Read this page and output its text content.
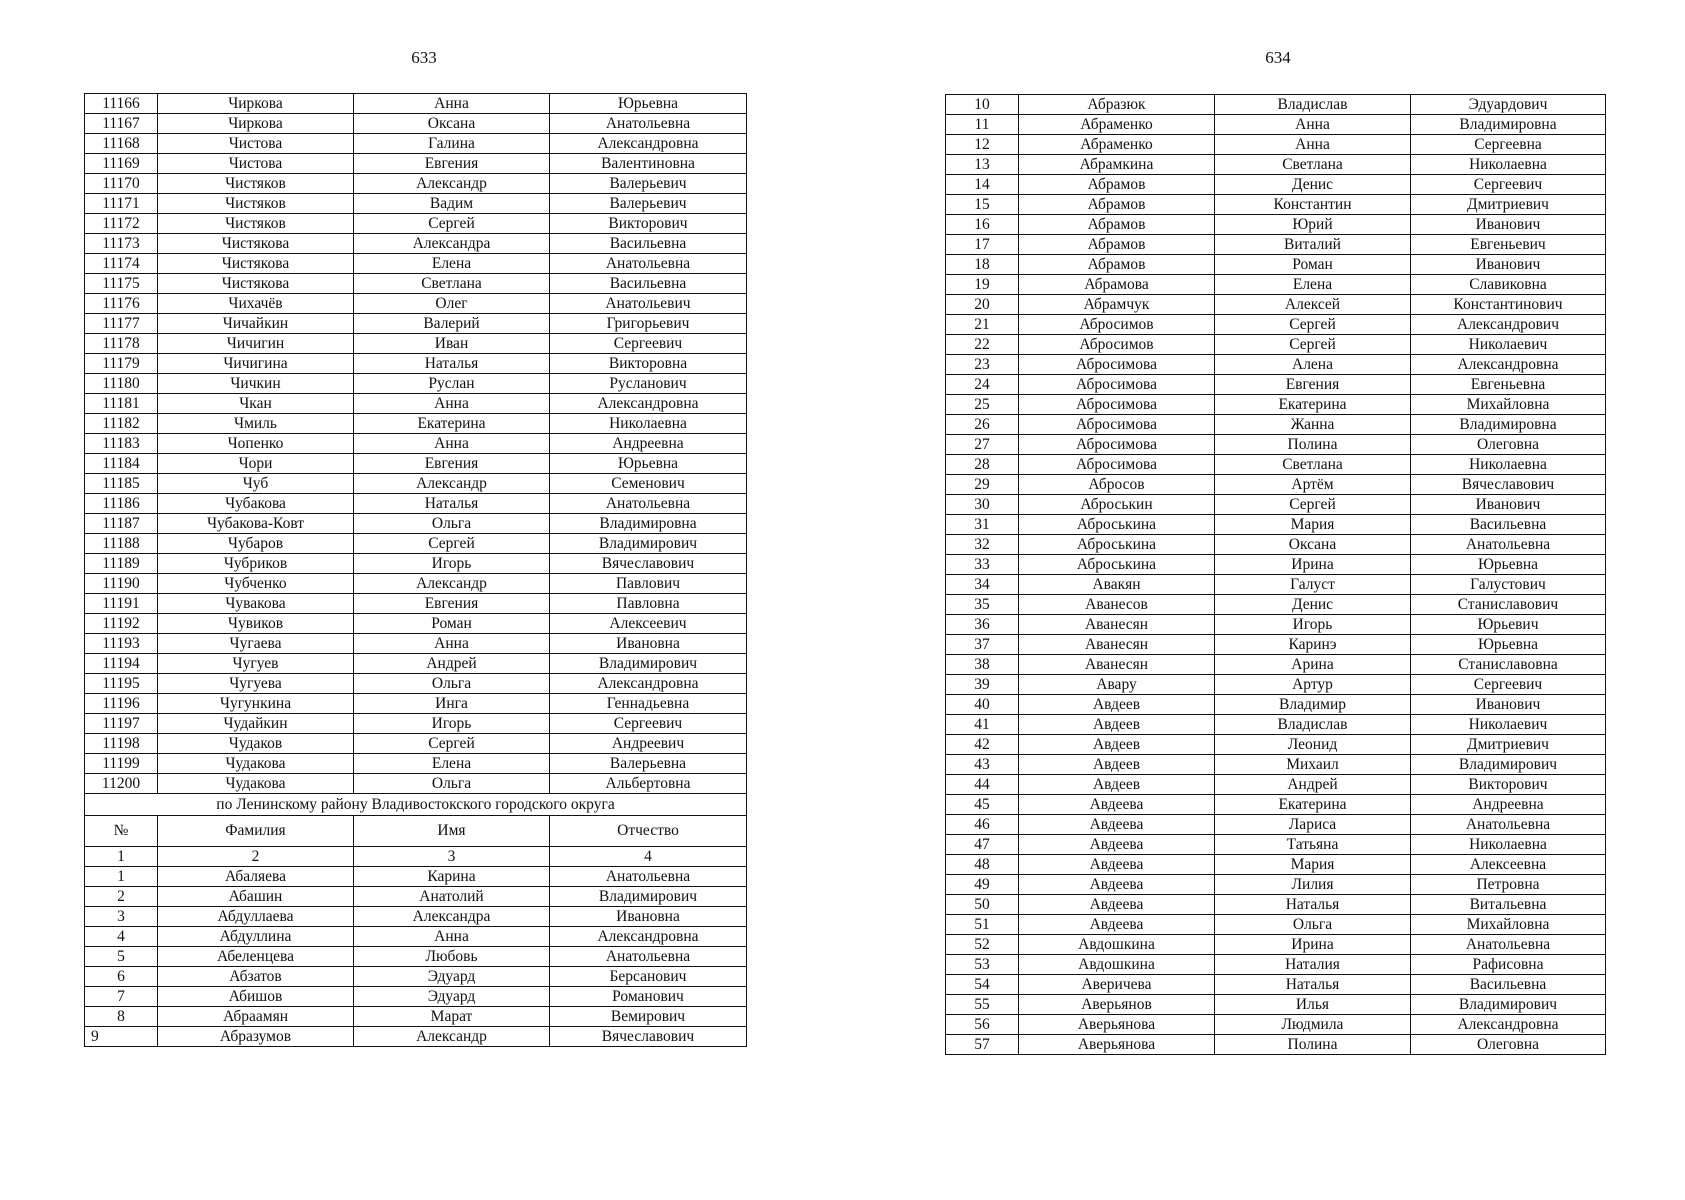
633	634
11166	Чиркова	Анна	Юрьевна
11167	Чиркова	Оксана	Анатольевна
11168	Чистова	Галина	Александровна
11169	Чистова	Евгения	Валентиновна
11170	Чистяков	Александр	Валерьевич
11171	Чистяков	Вадим	Валерьевич
11172	Чистяков	Сергей	Викторович
11173	Чистякова	Александра	Васильевна
11174	Чистякова	Елена	Анатольевна
11175	Чистякова	Светлана	Васильевна
11176	Чихачёв	Олег	Анатольевич
11177	Чичайкин	Валерий	Григорьевич
11178	Чичигин	Иван	Сергеевич
11179	Чичигина	Наталья	Викторовна
11180	Чичкин	Руслан	Русланович
11181	Чкан	Анна	Александровна
11182	Чмиль	Екатерина	Николаевна
11183	Чопенко	Анна	Андреевна
11184	Чори	Евгения	Юрьевна
11185	Чуб	Александр	Семенович
11186	Чубакова	Наталья	Анатольевна
11187	Чубакова-Ковт	Ольга	Владимировна
11188	Чубаров	Сергей	Владимирович
11189	Чубриков	Игорь	Вячеславович
11190	Чубченко	Александр	Павлович
11191	Чувакова	Евгения	Павловна
11192	Чувиков	Роман	Алексеевич
11193	Чугаева	Анна	Ивановна
11194	Чугуев	Андрей	Владимирович
11195	Чугуева	Ольга	Александровна
11196	Чугункина	Инга	Геннадьевна
11197	Чудайкин	Игорь	Сергеевич
11198	Чудаков	Сергей	Андреевич
11199	Чудакова	Елена	Валерьевна
11200	Чудакова	Ольга	Альбертовна
по Ленинскому району Владивостокского городского округа			
№	Фамилия	Имя	Отчество
1	2	3	4
1	Абаляева	Карина	Анатольевна
2	Абашин	Анатолий	Владимирович
3	Абдуллаева	Александра	Ивановна
4	Абдуллина	Анна	Александровна
5	Абеленцева	Любовь	Анатольевна
6	Абзатов	Эдуард	Берсанович
7	Абишов	Эдуард	Романович
8	Абраамян	Марат	Вемирович
9	Абразумов	Александр	Вячеславович
10	Абразюк	Владислав	Эдуардович
11	Абраменко	Анна	Владимировна
12	Абраменко	Анна	Сергеевна
13	Абрамкина	Светлана	Николаевна
14	Абрамов	Денис	Сергеевич
15	Абрамов	Константин	Дмитриевич
16	Абрамов	Юрий	Иванович
17	Абрамов	Виталий	Евгеньевич
18	Абрамов	Роман	Иванович
19	Абрамова	Елена	Славиковна
20	Абрамчук	Алексей	Константинович
21	Абросимов	Сергей	Александрович
22	Абросимов	Сергей	Николаевич
23	Абросимова	Алена	Александровна
24	Абросимова	Евгения	Евгеньевна
25	Абросимова	Екатерина	Михайловна
26	Абросимова	Жанна	Владимировна
27	Абросимова	Полина	Олеговна
28	Абросимова	Светлана	Николаевна
29	Абросов	Артём	Вячеславович
30	Аброськин	Сергей	Иванович
31	Аброськина	Мария	Васильевна
32	Аброськина	Оксана	Анатольевна
33	Аброськина	Ирина	Юрьевна
34	Авакян	Галуст	Галустович
35	Аванесов	Денис	Станиславович
36	Аванесян	Игорь	Юрьевич
37	Аванесян	Каринэ	Юрьевна
38	Аванесян	Арина	Станиславовна
39	Авару	Артур	Сергеевич
40	Авдеев	Владимир	Иванович
41	Авдеев	Владислав	Николаевич
42	Авдеев	Леонид	Дмитриевич
43	Авдеев	Михаил	Владимирович
44	Авдеев	Андрей	Викторович
45	Авдеева	Екатерина	Андреевна
46	Авдеева	Лариса	Анатольевна
47	Авдеева	Татьяна	Николаевна
48	Авдеева	Мария	Алексеевна
49	Авдеева	Лилия	Петровна
50	Авдеева	Наталья	Витальевна
51	Авдеева	Ольга	Михайловна
52	Авдошкина	Ирина	Анатольевна
53	Авдошкина	Наталия	Рафисовна
54	Аверичева	Наталья	Васильевна
55	Аверьянов	Илья	Владимирович
56	Аверьянова	Людмила	Александровна
57	Аверьянова	Полина	Олеговна
